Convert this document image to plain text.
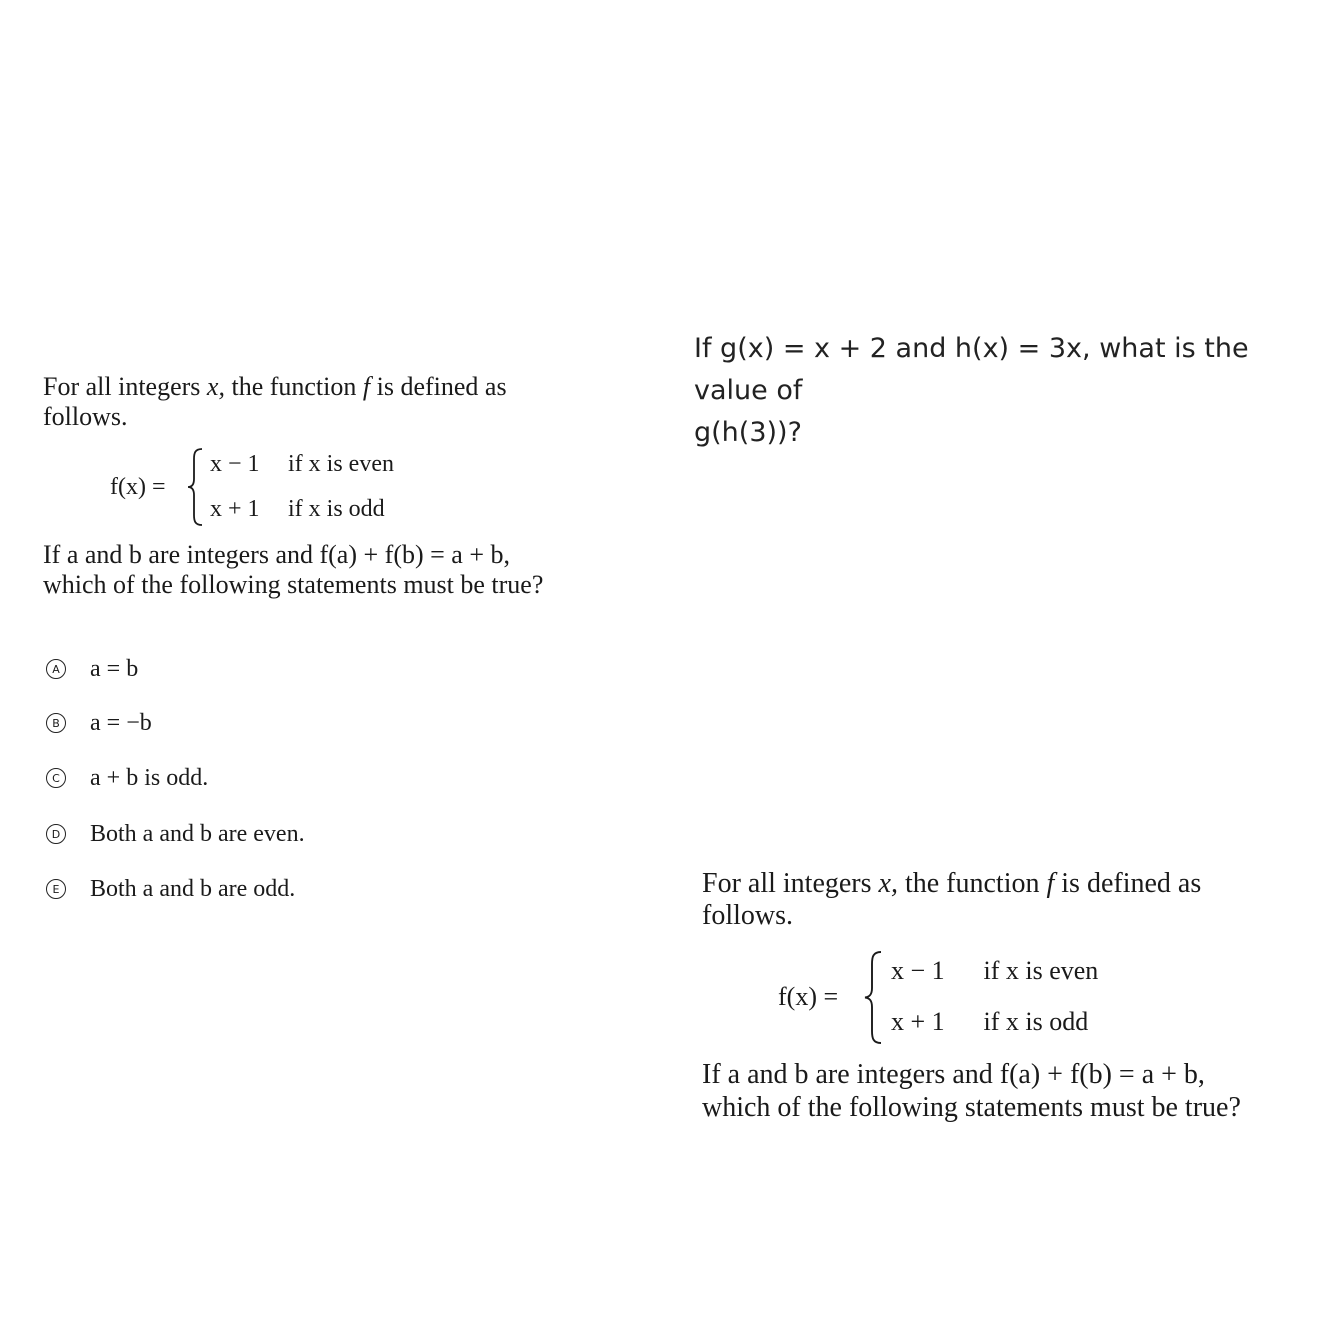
For all integers x, the function f is defined as follows.
f(x) =
x − 1 if x is even
x + 1 if x is odd
If a and b are integers and f(a) + f(b) = a + b,
which of the following statements must be true?
A a = b
B a = −b
C a + b is odd.
D Both a and b are even.
E Both a and b are odd.
If g(x) = x + 2 and h(x) = 3x, what is the value of
g(h(3))?
For all integers x, the function f is defined as follows.
f(x) =
x − 1 if x is even
x + 1 if x is odd
If a and b are integers and f(a) + f(b) = a + b,
which of the following statements must be true?
